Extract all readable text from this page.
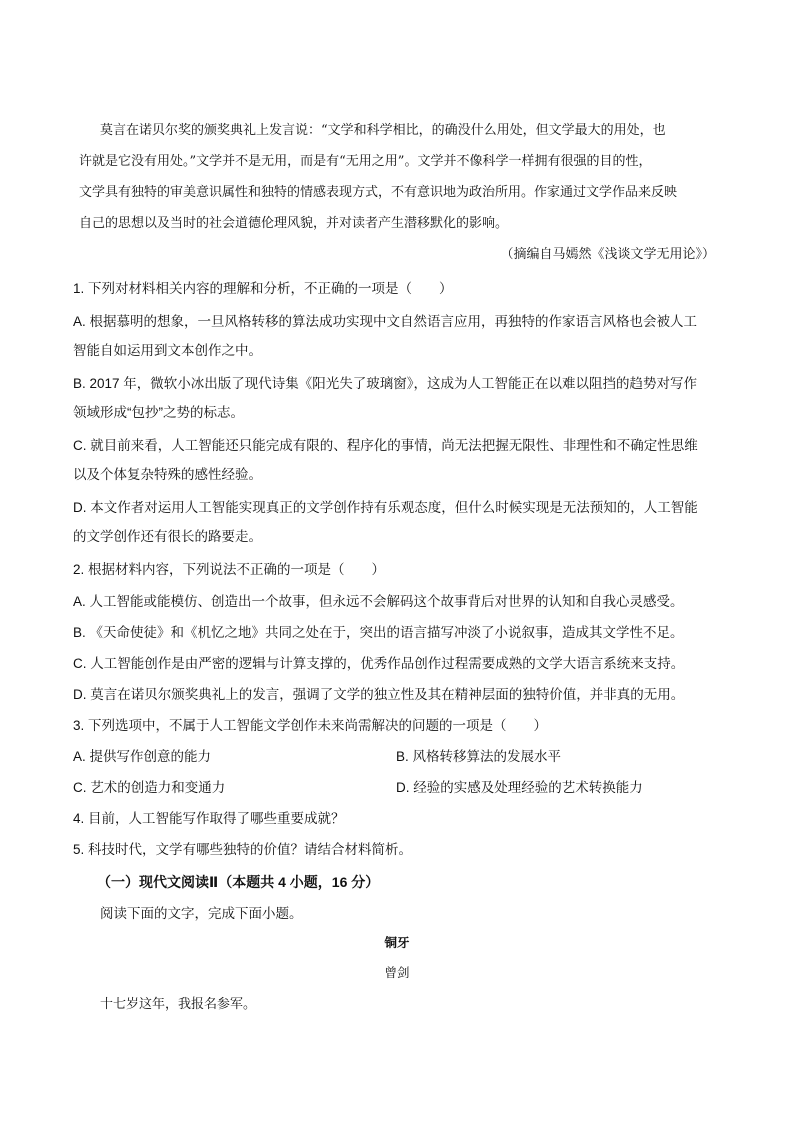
莫言在诺贝尔奖的颁奖典礼上发言说：“文学和科学相比，的确没什么用处，但文学最大的用处，也
许就是它没有用处。”文学并不是无用，而是有“无用之用”。文学并不像科学一样拥有很强的目的性，
文学具有独特的审美意识属性和独特的情感表现方式，不有意识地为政治所用。作家通过文学作品来反映
自己的思想以及当时的社会道德伦理风貌，并对读者产生潜移默化的影响。
（摘编自马嫣然《浅谈文学无用论》）
1. 下列对材料相关内容的理解和分析，不正确的一项是（　　）
A. 根据慕明的想象，一旦风格转移的算法成功实现中文自然语言应用，再独特的作家语言风格也会被人工
智能自如运用到文本创作之中。
B. 2017 年，微软小冰出版了现代诗集《阳光失了玻璃窗》，这成为人工智能正在以难以阻挡的趋势对写作
领域形成“包抄”之势的标志。
C. 就目前来看，人工智能还只能完成有限的、程序化的事情，尚无法把握无限性、非理性和不确定性思维
以及个体复杂特殊的感性经验。
D. 本文作者对运用人工智能实现真正的文学创作持有乐观态度，但什么时候实现是无法预知的，人工智能
的文学创作还有很长的路要走。
2. 根据材料内容，下列说法不正确的一项是（　　）
A. 人工智能或能模仿、创造出一个故事，但永远不会解码这个故事背后对世界的认知和自我心灵感受。
B. 《天命使徒》和《机忆之地》共同之处在于，突出的语言描写冲淡了小说叙事，造成其文学性不足。
C. 人工智能创作是由严密的逻辑与计算支撑的，优秀作品创作过程需要成熟的文学大语言系统来支持。
D. 莫言在诺贝尔颁奖典礼上的发言，强调了文学的独立性及其在精神层面的独特价值，并非真的无用。
3. 下列选项中，不属于人工智能文学创作未来尚需解决的问题的一项是（　　）
A. 提供写作创意的能力	B. 风格转移算法的发展水平
C. 艺术的创造力和变通力	D. 经验的实感及处理经验的艺术转换能力
4. 目前，人工智能写作取得了哪些重要成就？
5. 科技时代，文学有哪些独特的价值？请结合材料简析。
（一）现代文阅读Ⅱ（本题共 4 小题，16 分）
阅读下面的文字，完成下面小题。
铜牙
曾剑
十七岁这年，我报名参军。
